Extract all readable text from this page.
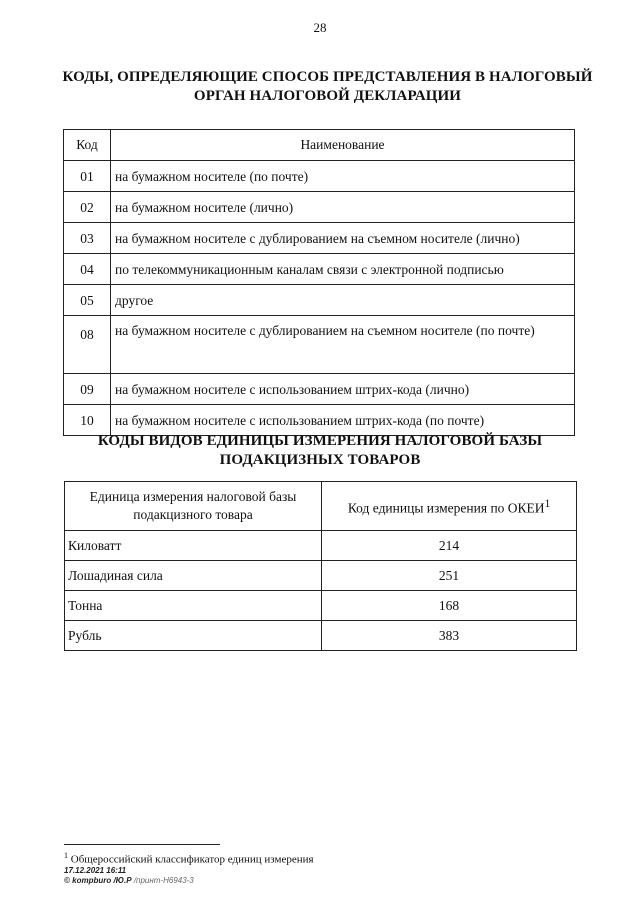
28
КОДЫ, ОПРЕДЕЛЯЮЩИЕ СПОСОБ ПРЕДСТАВЛЕНИЯ В НАЛОГОВЫЙ ОРГАН НАЛОГОВОЙ ДЕКЛАРАЦИИ
Код	Наименование
01	на бумажном носителе (по почте)
02	на бумажном носителе (лично)
03	на бумажном носителе с дублированием на съемном носителе (лично)
04	по телекоммуникационным каналам связи с электронной подписью
05	другое
08	на бумажном носителе с дублированием на съемном носителе (по почте)
09	на бумажном носителе с использованием штрих-кода (лично)
10	на бумажном носителе с использованием штрих-кода (по почте)
КОДЫ ВИДОВ ЕДИНИЦЫ ИЗМЕРЕНИЯ НАЛОГОВОЙ БАЗЫ ПОДАКЦИЗНЫХ ТОВАРОВ
Единица измерения налоговой базы подакцизного товара	Код единицы измерения по ОКЕИ$^1$
Киловатт	214
Лошадиная сила	251
Тонна	168
Рубль	383
$^1$ Общероссийский классификатор единиц измерения
17.12.2021 16:11
© kompburo /Ю.Р /принт-Н6943-3
